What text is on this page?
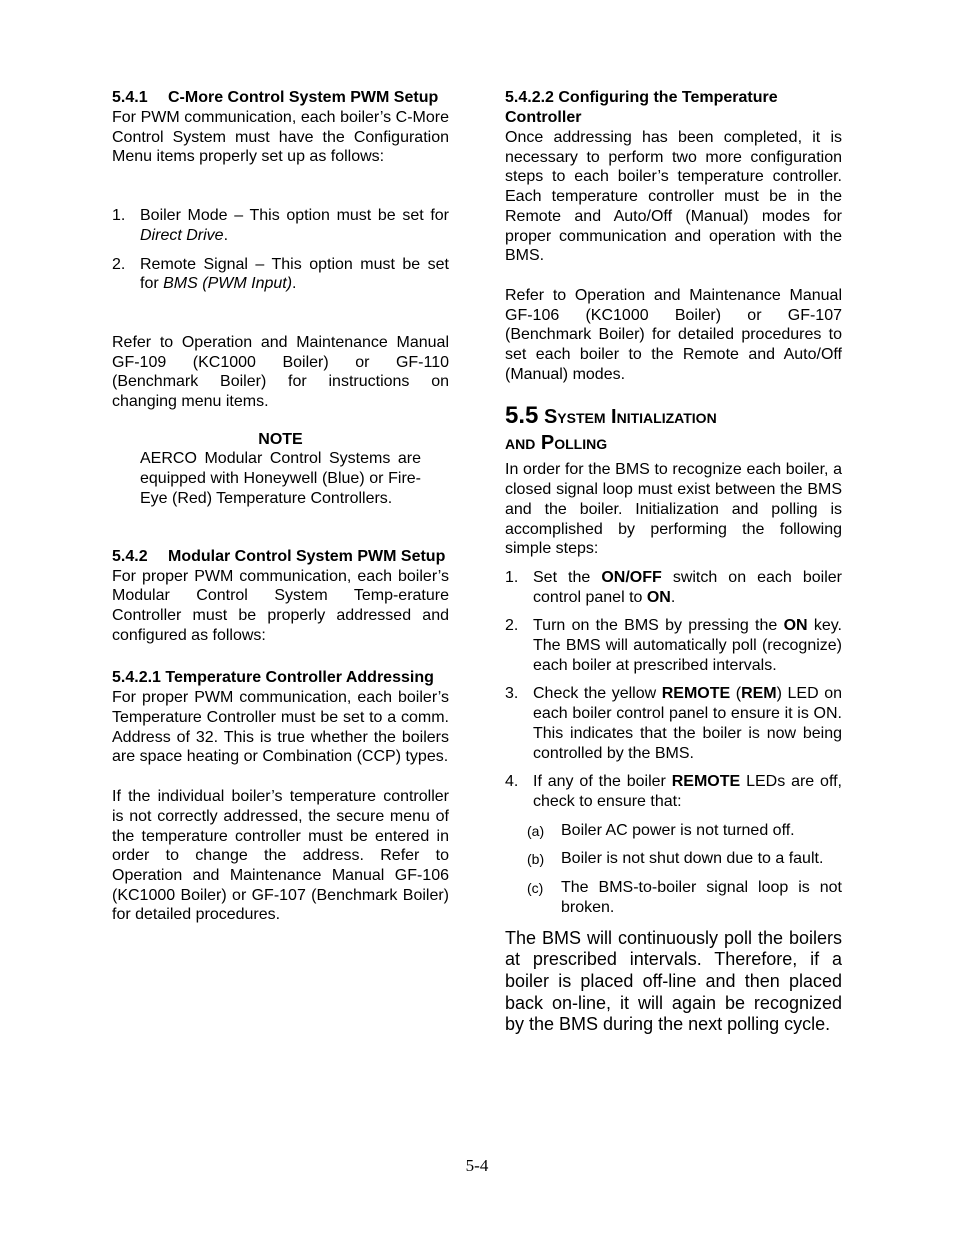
5.4.1 C-More Control System PWM Setup

For PWM communication, each boiler’s C-More Control System must have the Configuration Menu items properly set up as follows:

1. Boiler Mode – This option must be set for Direct Drive.
2. Remote Signal – This option must be set for BMS (PWM Input).

Refer to Operation and Maintenance Manual GF-109 (KC1000 Boiler) or GF-110 (Benchmark Boiler) for instructions on changing menu items.

NOTE

AERCO Modular Control Systems are equipped with Honeywell (Blue) or Fire-Eye (Red) Temperature Controllers.

5.4.2 Modular Control System PWM Setup

For proper PWM communication, each boiler’s Modular Control System Temp-erature Controller must be properly addressed and configured as follows:

5.4.2.1 Temperature Controller Addressing

For proper PWM communication, each boiler’s Temperature Controller must be set to a comm. Address of 32. This is true whether the boilers are space heating or Combination (CCP) types.

If the individual boiler’s temperature controller is not correctly addressed, the secure menu of the temperature controller must be entered in order to change the address. Refer to Operation and Maintenance Manual GF-106 (KC1000 Boiler) or GF-107 (Benchmark Boiler) for detailed procedures.

5.4.2.2 Configuring the Temperature Controller

Once addressing has been completed, it is necessary to perform two more configuration steps to each boiler’s temperature controller. Each temperature controller must be in the Remote and Auto/Off (Manual) modes for proper communication and operation with the BMS.

Refer to Operation and Maintenance Manual GF-106 (KC1000 Boiler) or GF-107 (Benchmark Boiler) for detailed procedures to set each boiler to the Remote and Auto/Off (Manual) modes.

5.5 System Initialization
and Polling

In order for the BMS to recognize each boiler, a closed signal loop must exist between the BMS and the boiler. Initialization and polling is accomplished by performing the following simple steps:

1. Set the ON/OFF switch on each boiler control panel to ON.
2. Turn on the BMS by pressing the ON key. The BMS will automatically poll (recognize) each boiler at prescribed intervals.
3. Check the yellow REMOTE (REM) LED on each boiler control panel to ensure it is ON. This indicates that the boiler is now being controlled by the BMS.
4. If any of the boiler REMOTE LEDs are off, check to ensure that:
(a) Boiler AC power is not turned off.
(b) Boiler is not shut down due to a fault.
(c) The BMS-to-boiler signal loop is not broken.

The BMS will continuously poll the boilers at prescribed intervals. Therefore, if a boiler is placed off-line and then placed back on-line, it will again be recognized by the BMS during the next polling cycle.

5-4
